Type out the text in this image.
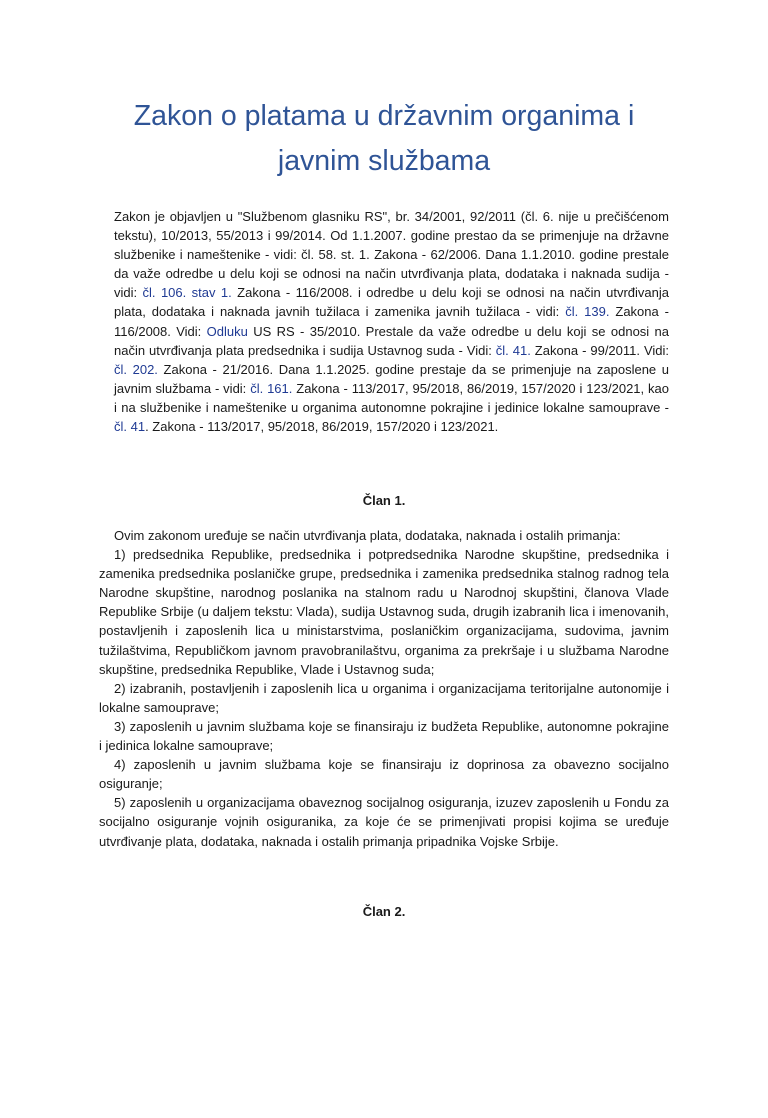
Zakon o platama u državnim organima i
javnim službama
Zakon je objavljen u "Službenom glasniku RS", br. 34/2001, 92/2011 (čl. 6. nije u prečišćenom tekstu), 10/2013, 55/2013 i 99/2014. Od 1.1.2007. godine prestao da se primenjuje na državne službenike i nameštenike - vidi: čl. 58. st. 1. Zakona - 62/2006. Dana 1.1.2010. godine prestale da važe odredbe u delu koji se odnosi na način utvrđivanja plata, dodataka i naknada sudija - vidi: čl. 106. stav 1. Zakona - 116/2008. i odredbe u delu koji se odnosi na način utvrđivanja plata, dodataka i naknada javnih tužilaca i zamenika javnih tužilaca - vidi: čl. 139. Zakona - 116/2008. Vidi: Odluku US RS - 35/2010. Prestale da važe odredbe u delu koji se odnosi na način utvrđivanja plata predsednika i sudija Ustavnog suda - Vidi: čl. 41. Zakona - 99/2011. Vidi: čl. 202. Zakona - 21/2016. Dana 1.1.2025. godine prestaje da se primenjuje na zaposlene u javnim službama - vidi: čl. 161. Zakona - 113/2017, 95/2018, 86/2019, 157/2020 i 123/2021, kao i na službenike i nameštenike u organima autonomne pokrajine i jedinice lokalne samouprave - čl. 41. Zakona - 113/2017, 95/2018, 86/2019, 157/2020 i 123/2021.

Član 1.

Ovim zakonom uređuje se način utvrđivanja plata, dodataka, naknada i ostalih primanja:

1) predsednika Republike, predsednika i potpredsednika Narodne skupštine, predsednika i zamenika predsednika poslaničke grupe, predsednika i zamenika predsednika stalnog radnog tela Narodne skupštine, narodnog poslanika na stalnom radu u Narodnoj skupštini, članova Vlade Republike Srbije (u daljem tekstu: Vlada), sudija Ustavnog suda, drugih izabranih lica i imenovanih, postavljenih i zaposlenih lica u ministarstvima, poslaničkim organizacijama, sudovima, javnim tužilaštvima, Republičkom javnom pravobranilaštvu, organima za prekršaje i u službama Narodne skupštine, predsednika Republike, Vlade i Ustavnog suda;

2) izabranih, postavljenih i zaposlenih lica u organima i organizacijama teritorijalne autonomije i lokalne samouprave;

3) zaposlenih u javnim službama koje se finansiraju iz budžeta Republike, autonomne pokrajine i jedinica lokalne samouprave;

4) zaposlenih u javnim službama koje se finansiraju iz doprinosa za obavezno socijalno osiguranje;

5) zaposlenih u organizacijama obaveznog socijalnog osiguranja, izuzev zaposlenih u Fondu za socijalno osiguranje vojnih osiguranika, za koje će se primenjivati propisi kojima se uređuje utvrđivanje plata, dodataka, naknada i ostalih primanja pripadnika Vojske Srbije.

Član 2.
